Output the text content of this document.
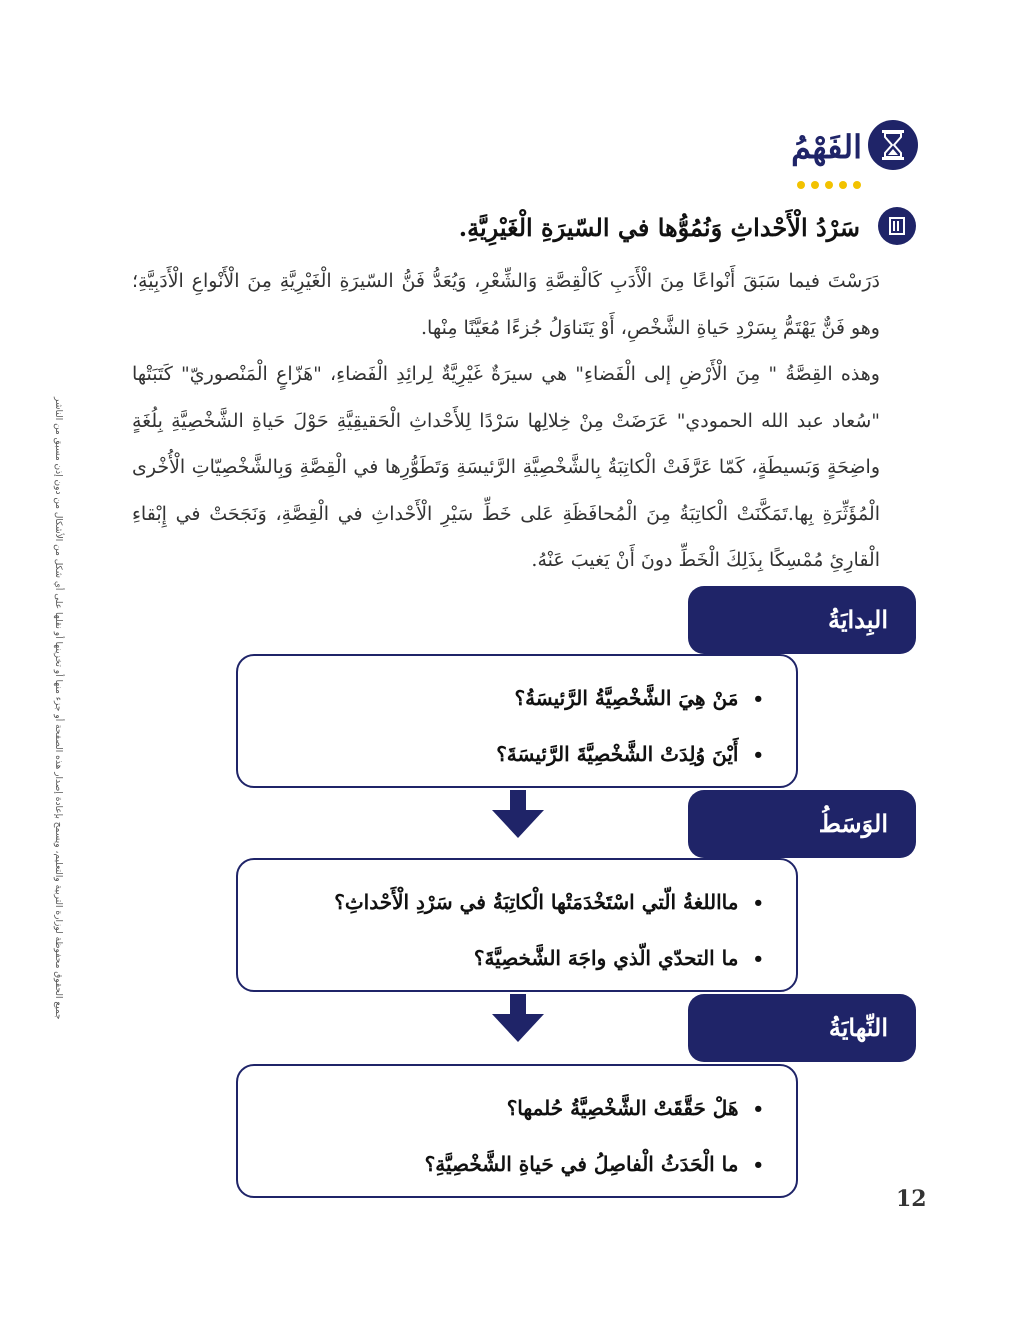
جميع الحقوق محفوظة لوزارة التربية والتعليم، ويسمح بإعادة إصدار هذه الصفحة أو جزء منها أو تخزينها أو نقلها على أي شكل من الأشكال من دون إذن مسبق من الناشر
الفَهْمُ
سَرْدُ الْأَحْداثِ وَنُمُوُّها في السّيرَةِ الْغَيْرِيَّةِ.

دَرَسْتَ فيما سَبَقَ أَنْواعًا مِنَ الْأَدَبِ كَالْقِصَّةِ وَالشِّعْرِ، وَيُعَدُّ فَنُّ السّيرَةِ الْغَيْرِيَّةِ مِنَ الْأَنْواعِ الْأَدَبِيَّةِ؛ وهو فَنٌّ يَهْتَمُّ بِسَرْدِ حَياةِ الشَّخْصِ، أَوْ يَتَناوَلُ جُزءًا مُعَيَّنًا مِنْها.

وهذه القِصَّةُ " مِنَ الْأَرْضِ إلى الْفَضاءِ" هي سيرَةٌ غَيْرِيَّةٌ لِرائِدِ الْفَضاءِ، "هَزّاعٍ الْمَنْصوريّ" كَتَبَتْها "سُعاد عبد الله الحمودي" عَرَضَتْ مِنْ خِلالِها سَرْدًا لِلأَحْداثِ الْحَقيقِيَّةِ حَوْلَ حَياةِ الشَّخْصِيَّةِ بِلُغَةٍ واضِحَةٍ وَبَسيطَةٍ، كَمّا عَرَّفَتْ الْكاتِبَةُ بِالشَّخْصِيَّةِ الرَّئيسَةِ وَتَطَوُّرِها في الْقِصَّةِ وَبِالشَّخْصِيّاتِ الْأُخْرى الْمُؤَثِّرَةِ بِها.تَمَكَّنَتْ الْكاتِبَةُ مِنَ الْمُحافَظَةِ عَلى خَطِّ سَيْرِ الْأَحْداثِ في الْقِصَّةِ، وَنَجَحَتْ في إِبْقاءِ الْقارِئِ مُمْسِكًا بِذَلِكَ الْخَطِّ دونَ أَنْ يَغيبَ عَنْهُ.

البِدايَةُ
•مَنْ هِيَ الشَّخْصِيَّةُ الرَّئيسَةُ؟
•أَيْنَ وُلِدَتْ الشَّخْصِيَّةَ الرَّئيسَةَ؟
الوَسَطُ
•مااللغةُ الّتي اسْتَخْدَمَتْها الْكاتِبَةُ في سَرْدِ الْأَحْداثِ؟
•ما التحدّي الّذي واجَهَ الشَّخصِيَّةَ؟
النِّهايَةُ
•هَلْ حَقَّقَتْ الشَّخْصِيَّةُ حُلمها؟
•ما الْحَدَثُ الْفاصِلُ في حَياةِ الشَّخْصِيَّةِ؟
12
